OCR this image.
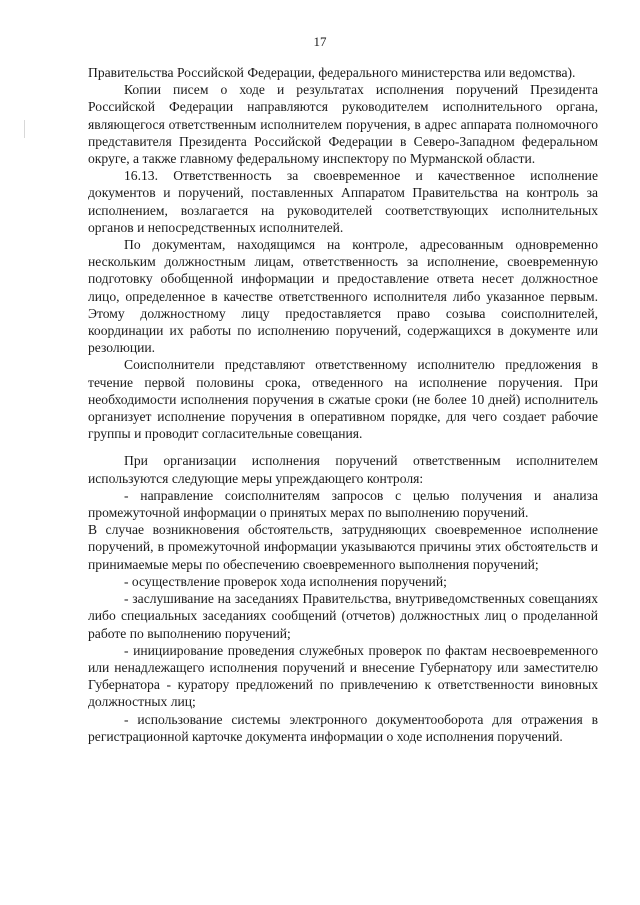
17

Правительства Российской Федерации, федерального министерства или ведомства).

Копии писем о ходе и результатах исполнения поручений Президента Российской Федерации направляются руководителем исполнительного органа, являющегося ответственным исполнителем поручения, в адрес аппарата полномочного представителя Президента Российской Федерации в Северо-Западном федеральном округе, а также главному федеральному инспектору по Мурманской области.

16.13. Ответственность за своевременное и качественное исполнение документов и поручений, поставленных Аппаратом Правительства на контроль за исполнением, возлагается на руководителей соответствующих исполнительных органов и непосредственных исполнителей.

По документам, находящимся на контроле, адресованным одновременно нескольким должностным лицам, ответственность за исполнение, своевременную подготовку обобщенной информации и предоставление ответа несет должностное лицо, определенное в качестве ответственного исполнителя либо указанное первым. Этому должностному лицу предоставляется право созыва соисполнителей, координации их работы по исполнению поручений, содержащихся в документе или резолюции.

Соисполнители представляют ответственному исполнителю предложения в течение первой половины срока, отведенного на исполнение поручения. При необходимости исполнения поручения в сжатые сроки (не более 10 дней) исполнитель организует исполнение поручения в оперативном порядке, для чего создает рабочие группы и проводит согласительные совещания.

При организации исполнения поручений ответственным исполнителем используются следующие меры упреждающего контроля:

- направление соисполнителям запросов с целью получения и анализа промежуточной информации о принятых мерах по выполнению поручений.

В случае возникновения обстоятельств, затрудняющих своевременное исполнение поручений, в промежуточной информации указываются причины этих обстоятельств и принимаемые меры по обеспечению своевременного выполнения поручений;

- осуществление проверок хода исполнения поручений;

- заслушивание на заседаниях Правительства, внутриведомственных совещаниях либо специальных заседаниях сообщений (отчетов) должностных лиц о проделанной работе по выполнению поручений;

- инициирование проведения служебных проверок по фактам несвоевременного или ненадлежащего исполнения поручений и внесение Губернатору или заместителю Губернатора - куратору предложений по привлечению к ответственности виновных должностных лиц;

- использование системы электронного документооборота для отражения в регистрационной карточке документа информации о ходе исполнения поручений.
